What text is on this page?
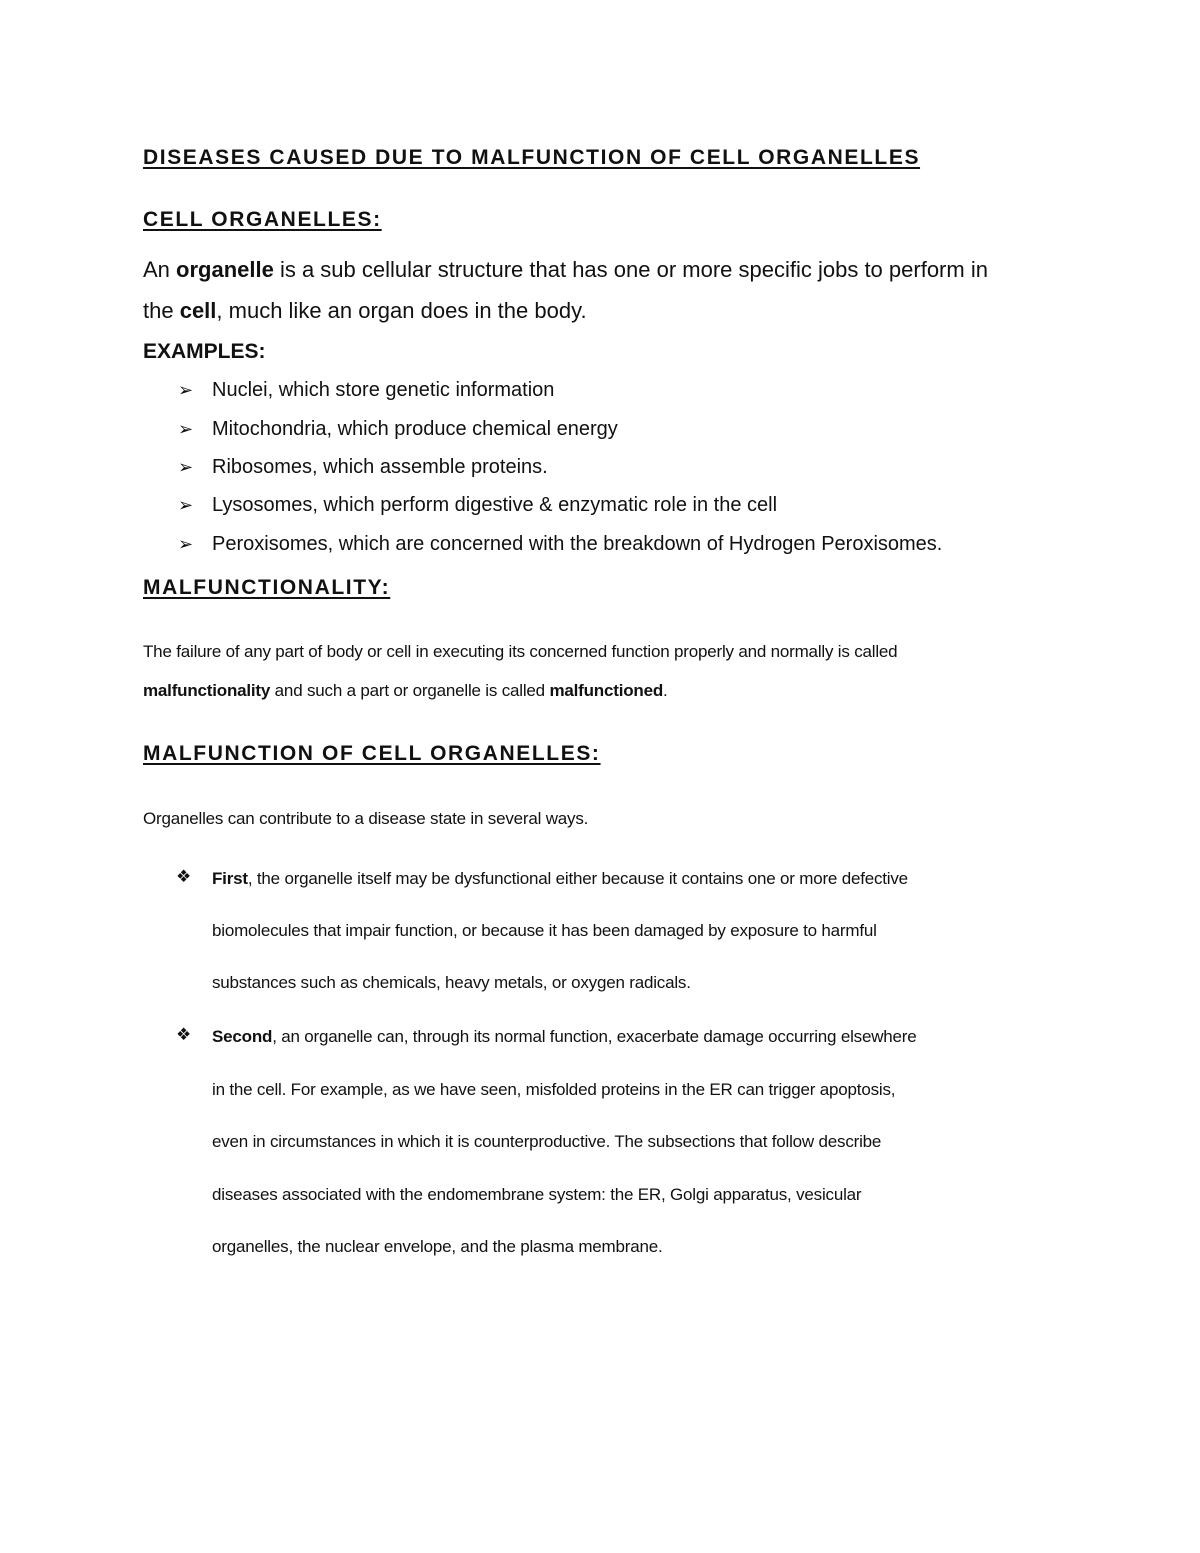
DISEASES CAUSED DUE TO MALFUNCTION OF CELL ORGANELLES

CELL ORGANELLES:

An organelle is a sub cellular structure that has one or more specific jobs to perform in

the cell, much like an organ does in the body.

EXAMPLES:

➢ Nuclei, which store genetic information

➢ Mitochondria, which produce chemical energy

➢ Ribosomes, which assemble proteins.

➢ Lysosomes, which perform digestive & enzymatic role in the cell

➢ Peroxisomes, which are concerned with the breakdown of Hydrogen Peroxisomes.

MALFUNCTIONALITY:

The failure of any part of body or cell in executing its concerned function properly and normally is called

malfunctionality and such a part or organelle is called malfunctioned.

MALFUNCTION OF CELL ORGANELLES:

Organelles can contribute to a disease state in several ways.

❖ First, the organelle itself may be dysfunctional either because it contains one or more defective

biomolecules that impair function, or because it has been damaged by exposure to harmful

substances such as chemicals, heavy metals, or oxygen radicals.

❖ Second, an organelle can, through its normal function, exacerbate damage occurring elsewhere

in the cell. For example, as we have seen, misfolded proteins in the ER can trigger apoptosis,

even in circumstances in which it is counterproductive. The subsections that follow describe

diseases associated with the endomembrane system: the ER, Golgi apparatus, vesicular

organelles, the nuclear envelope, and the plasma membrane.
